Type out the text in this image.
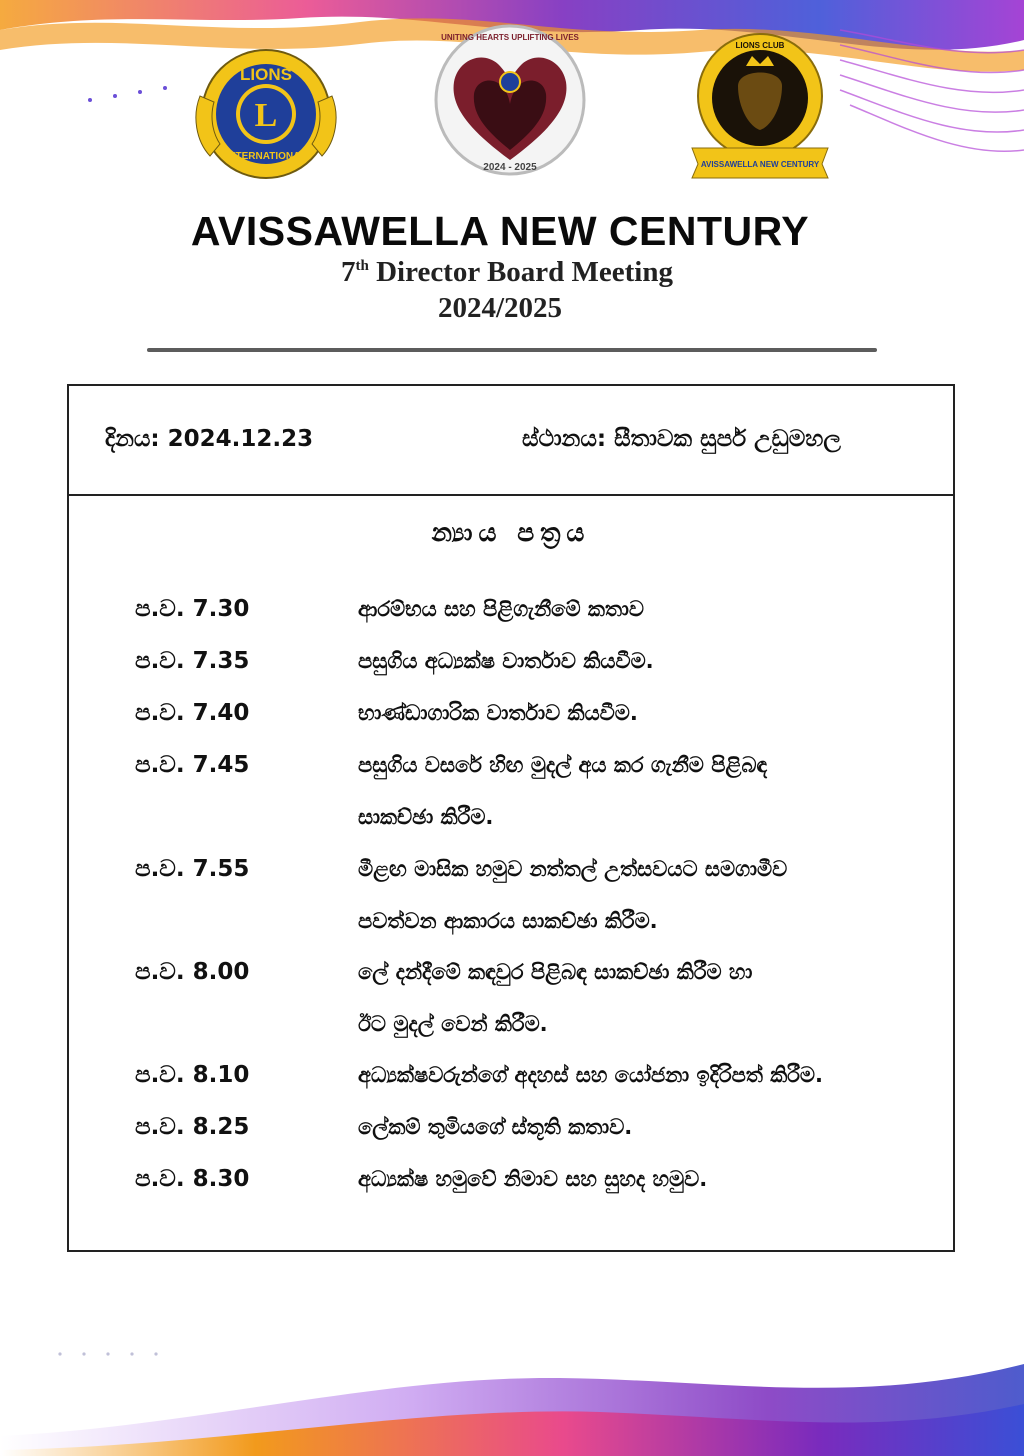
L
LIONS
INTERNATIONAL
UNITING HEARTS UPLIFTING LIVES
2024 - 2025
LIONS CLUB
AVISSAWELLA NEW CENTURY
AVISSAWELLA NEW CENTURY
7th Director Board Meeting
2024/2025
දිනය: 2024.12.23	ස්ථානය: සීතාවක සුපර් උඩුමහල
න්‍යාය පත්‍රය
ප.ව. 7.30	ආරම්භය සහ පිළිගැනීමේ කතාව
ප.ව. 7.35	පසුගිය අධ්‍යක්ෂ වාර්තාව කියවීම.
ප.ව. 7.40	භාණ්ඩාගාරික වාර්තාව කියවීම.
ප.ව. 7.45	පසුගිය වසරේ හිඟ මුදල් අය කර ගැනීම පිළිබඳ
සාකච්ඡා කිරීම.
ප.ව. 7.55	මීළඟ මාසික හමුව නත්තල් උත්සවයට සමගාමීව
පවත්වන ආකාරය සාකච්ඡා කිරීම.
ප.ව. 8.00	ලේ දන්දීමේ කඳවුර පිළිබඳ සාකච්ඡා කිරීම හා
ඊට මුදල් වෙන් කිරීම.
ප.ව. 8.10	අධ්‍යක්ෂවරුන්ගේ අදහස් සහ යෝජනා ඉදිරිපත් කිරීම.
ප.ව. 8.25	ලේකම් තුමියගේ ස්තූති කතාව.
ප.ව. 8.30	අධ්‍යක්ෂ හමුවේ නිමාව සහ සුහද හමුව.
